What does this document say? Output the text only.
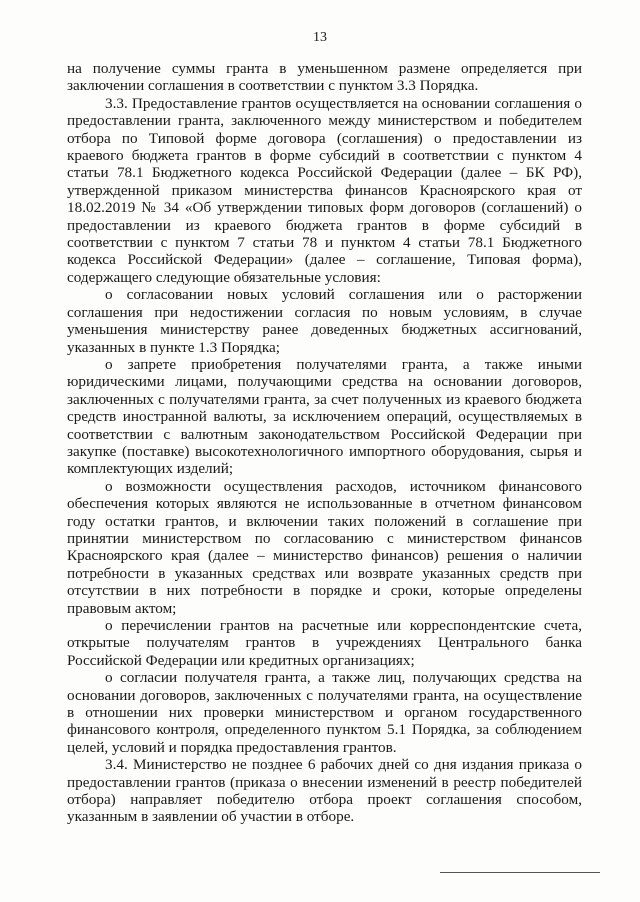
13

на получение суммы гранта в уменьшенном размене определяется при заключении соглашения в соответствии с пунктом 3.3 Порядка.

3.3. Предоставление грантов осуществляется на основании соглашения о предоставлении гранта, заключенного между министерством и победителем отбора по Типовой форме договора (соглашения) о предоставлении из краевого бюджета грантов в форме субсидий в соответствии с пунктом 4 статьи 78.1 Бюджетного кодекса Российской Федерации (далее – БК РФ), утвержденной приказом министерства финансов Красноярского края от 18.02.2019 № 34 «Об утверждении типовых форм договоров (соглашений) о предоставлении из краевого бюджета грантов в форме субсидий в соответствии с пунктом 7 статьи 78 и пунктом 4 статьи 78.1 Бюджетного кодекса Российской Федерации» (далее – соглашение, Типовая форма), содержащего следующие обязательные условия:

о согласовании новых условий соглашения или о расторжении соглашения при недостижении согласия по новым условиям, в случае уменьшения министерству ранее доведенных бюджетных ассигнований, указанных в пункте 1.3 Порядка;

о запрете приобретения получателями гранта, а также иными юридическими лицами, получающими средства на основании договоров, заключенных с получателями гранта, за счет полученных из краевого бюджета средств иностранной валюты, за исключением операций, осуществляемых в соответствии с валютным законодательством Российской Федерации при закупке (поставке) высокотехнологичного импортного оборудования, сырья и комплектующих изделий;

о возможности осуществления расходов, источником финансового обеспечения которых являются не использованные в отчетном финансовом году остатки грантов, и включении таких положений в соглашение при принятии министерством по согласованию с министерством финансов Красноярского края (далее – министерство финансов) решения о наличии потребности в указанных средствах или возврате указанных средств при отсутствии в них потребности в порядке и сроки, которые определены правовым актом;

о перечислении грантов на расчетные или корреспондентские счета, открытые получателям грантов в учреждениях Центрального банка Российской Федерации или кредитных организациях;

о согласии получателя гранта, а также лиц, получающих средства на основании договоров, заключенных с получателями гранта, на осуществление в отношении них проверки министерством и органом государственного финансового контроля, определенного пунктом 5.1 Порядка, за соблюдением целей, условий и порядка предоставления грантов.

3.4. Министерство не позднее 6 рабочих дней со дня издания приказа о предоставлении грантов (приказа о внесении изменений в реестр победителей отбора) направляет победителю отбора проект соглашения способом, указанным в заявлении об участии в отборе.
